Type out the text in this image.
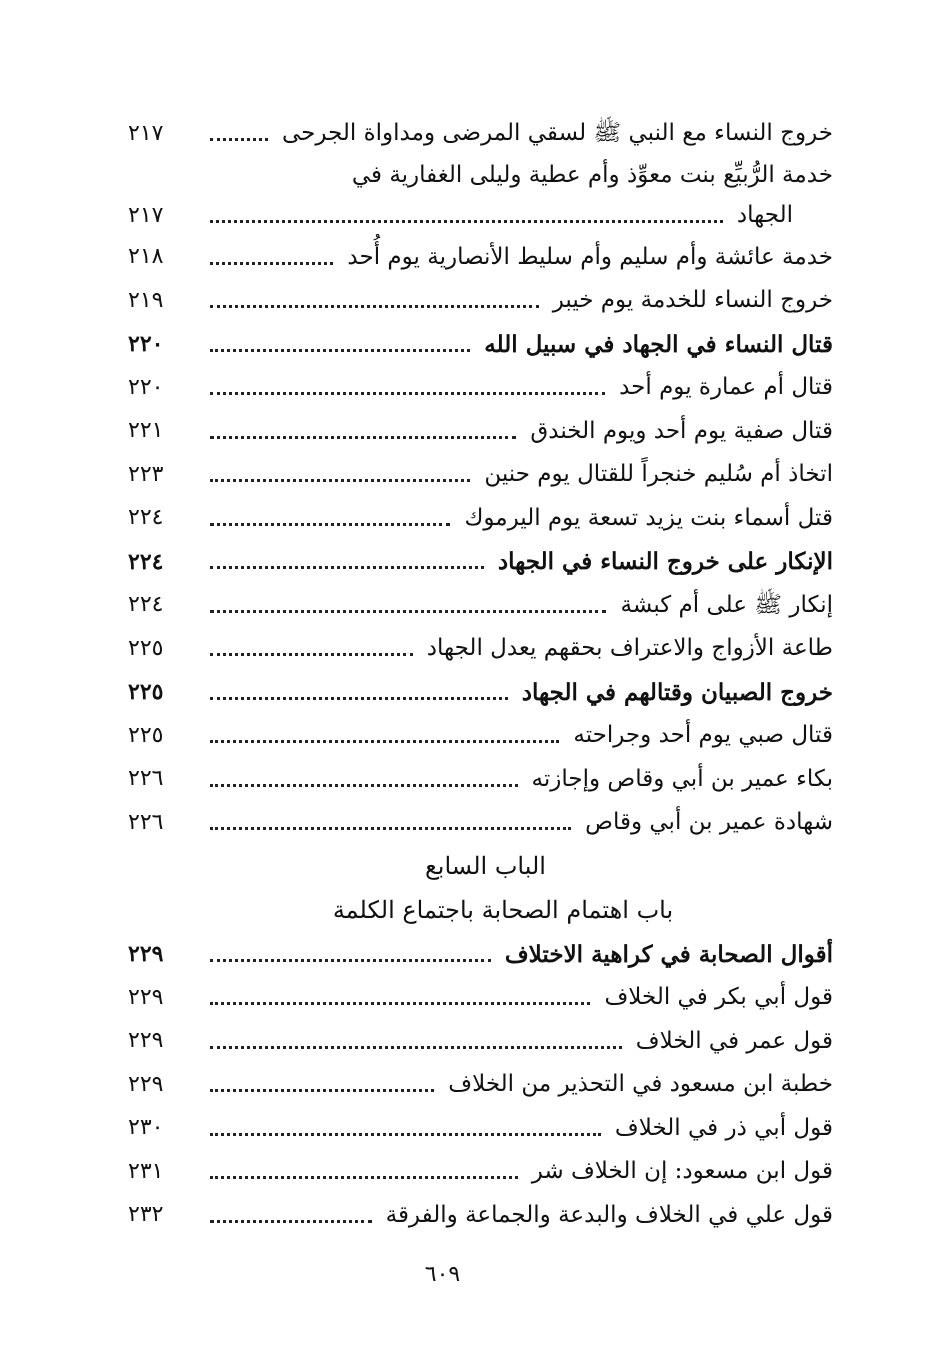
خروج النساء مع النبي ﷺ لسقي المرضى ومداواة الجرحى
٢١٧
خدمة الرُّبيِّع بنت معوِّذ وأم عطية وليلى الغفارية في
الجهاد
٢١٧
خدمة عائشة وأم سليم وأم سليط الأنصارية يوم أُحد
٢١٨
خروج النساء للخدمة يوم خيبر
٢١٩
قتال النساء في الجهاد في سبيل الله
٢٢٠
قتال أم عمارة يوم أحد
٢٢٠
قتال صفية يوم أحد ويوم الخندق
٢٢١
اتخاذ أم سُليم خنجراً للقتال يوم حنين
٢٢٣
قتل أسماء بنت يزيد تسعة يوم اليرموك
٢٢٤
الإنكار على خروج النساء في الجهاد
٢٢٤
إنكار ﷺ على أم كبشة
٢٢٤
طاعة الأزواج والاعتراف بحقهم يعدل الجهاد
٢٢٥
خروج الصبيان وقتالهم في الجهاد
٢٢٥
قتال صبي يوم أحد وجراحته
٢٢٥
بكاء عمير بن أبي وقاص وإجازته
٢٢٦
شهادة عمير بن أبي وقاص
٢٢٦
الباب السابع
باب اهتمام الصحابة باجتماع الكلمة
أقوال الصحابة في كراهية الاختلاف
٢٢٩
قول أبي بكر في الخلاف
٢٢٩
قول عمر في الخلاف
٢٢٩
خطبة ابن مسعود في التحذير من الخلاف
٢٢٩
قول أبي ذر في الخلاف
٢٣٠
قول ابن مسعود: إن الخلاف شر
٢٣١
قول علي في الخلاف والبدعة والجماعة والفرقة
٢٣٢
٦٠٩
